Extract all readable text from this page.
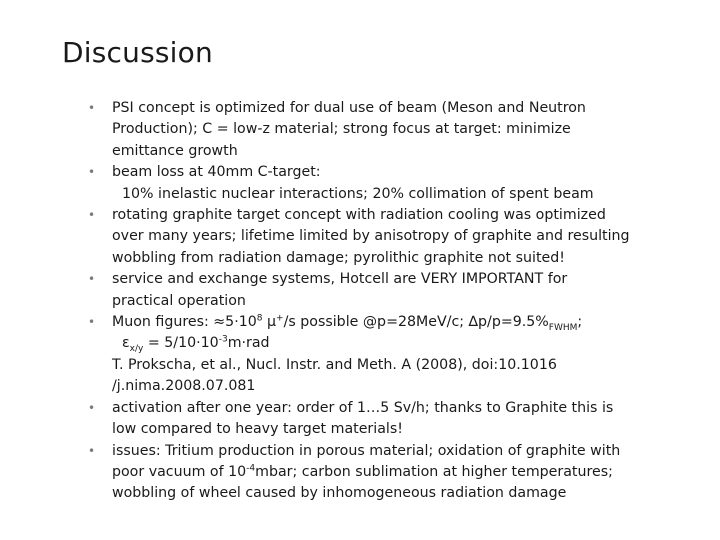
Discussion
• PSI concept is optimized for dual use of beam (Meson and Neutron
Production); C = low-z material; strong focus at target: minimize
emittance growth
• beam loss at 40mm C-target:
10% inelastic nuclear interactions; 20% collimation of spent beam
• rotating graphite target concept with radiation cooling was optimized
over many years; lifetime limited by anisotropy of graphite and resulting
wobbling from radiation damage; pyrolithic graphite not suited!
• service and exchange systems, Hotcell are VERY IMPORTANT for
practical operation
• Muon figures: $\approx 5\cdot 10^8$ μ+/s possible @p=28MeV/c; $\Delta p/p=9.5\%_{FWHM}$;
$\varepsilon_{x/y} = 5/10\cdot 10^{-3}m\cdot rad$
T. Prokscha, et al., Nucl. Instr. and Meth. A (2008), doi:10.1016
/j.nima.2008.07.081
• activation after one year: order of 1…5 Sv/h; thanks to Graphite this is
low compared to heavy target materials!
• issues: Tritium production in porous material; oxidation of graphite with
poor vacuum of $10^{-4}mbar$; carbon sublimation at higher temperatures;
wobbling of wheel caused by inhomogeneous radiation damage
